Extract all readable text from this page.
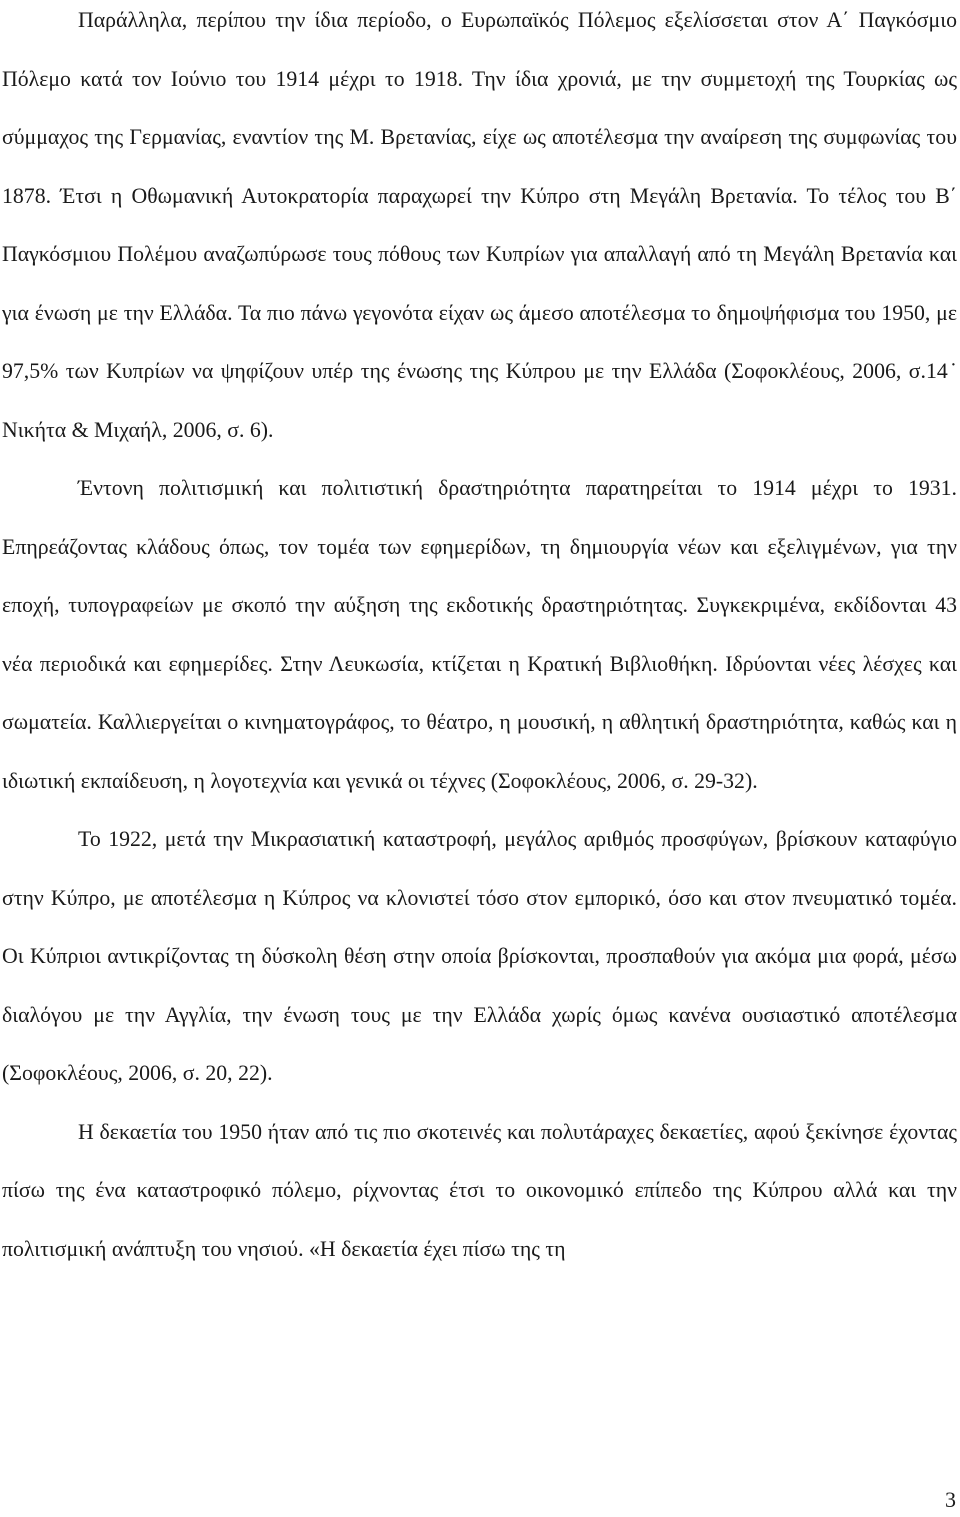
Παράλληλα, περίπου την ίδια περίοδο, ο Ευρωπαϊκός Πόλεμος εξελίσσεται στον Α΄ Παγκόσμιο Πόλεμο κατά τον Ιούνιο του 1914 μέχρι το 1918. Την ίδια χρονιά, με την συμμετοχή της Τουρκίας ως σύμμαχος της Γερμανίας, εναντίον της Μ. Βρετανίας, είχε ως αποτέλεσμα την αναίρεση της συμφωνίας του 1878. Έτσι η Οθωμανική Αυτοκρατορία παραχωρεί την Κύπρο στη Μεγάλη Βρετανία. Το τέλος του Β΄ Παγκόσμιου Πολέμου αναζωπύρωσε τους πόθους των Κυπρίων για απαλλαγή από τη Μεγάλη Βρετανία και για ένωση με την Ελλάδα. Τα πιο πάνω γεγονότα είχαν ως άμεσο αποτέλεσμα το δημοψήφισμα του 1950, με 97,5% των Κυπρίων να ψηφίζουν υπέρ της ένωσης της Κύπρου με την Ελλάδα (Σοφοκλέους, 2006, σ.14˙ Νικήτα & Μιχαήλ, 2006, σ. 6).

Έντονη πολιτισμική και πολιτιστική δραστηριότητα παρατηρείται το 1914 μέχρι το 1931. Επηρεάζοντας κλάδους όπως, τον τομέα των εφημερίδων, τη δημιουργία νέων και εξελιγμένων, για την εποχή, τυπογραφείων με σκοπό την αύξηση της εκδοτικής δραστηριότητας. Συγκεκριμένα, εκδίδονται 43 νέα περιοδικά και εφημερίδες. Στην Λευκωσία, κτίζεται η Κρατική Βιβλιοθήκη. Ιδρύονται νέες λέσχες και σωματεία. Καλλιεργείται ο κινηματογράφος, το θέατρο, η μουσική, η αθλητική δραστηριότητα, καθώς και η ιδιωτική εκπαίδευση, η λογοτεχνία και γενικά οι τέχνες (Σοφοκλέους, 2006, σ. 29-32).

Το 1922, μετά την Μικρασιατική καταστροφή, μεγάλος αριθμός προσφύγων, βρίσκουν καταφύγιο στην Κύπρο, με αποτέλεσμα η Κύπρος να κλονιστεί τόσο στον εμπορικό, όσο και στον πνευματικό τομέα. Οι Κύπριοι αντικρίζοντας τη δύσκολη θέση στην οποία βρίσκονται, προσπαθούν για ακόμα μια φορά, μέσω διαλόγου με την Αγγλία, την ένωση τους με την Ελλάδα χωρίς όμως κανένα ουσιαστικό αποτέλεσμα (Σοφοκλέους, 2006, σ. 20, 22).

Η δεκαετία του 1950 ήταν από τις πιο σκοτεινές και πολυτάραχες δεκαετίες, αφού ξεκίνησε έχοντας πίσω της ένα καταστροφικό πόλεμο, ρίχνοντας έτσι το οικονομικό επίπεδο της Κύπρου αλλά και την πολιτισμική ανάπτυξη του νησιού. «Η δεκαετία έχει πίσω της τη

3
